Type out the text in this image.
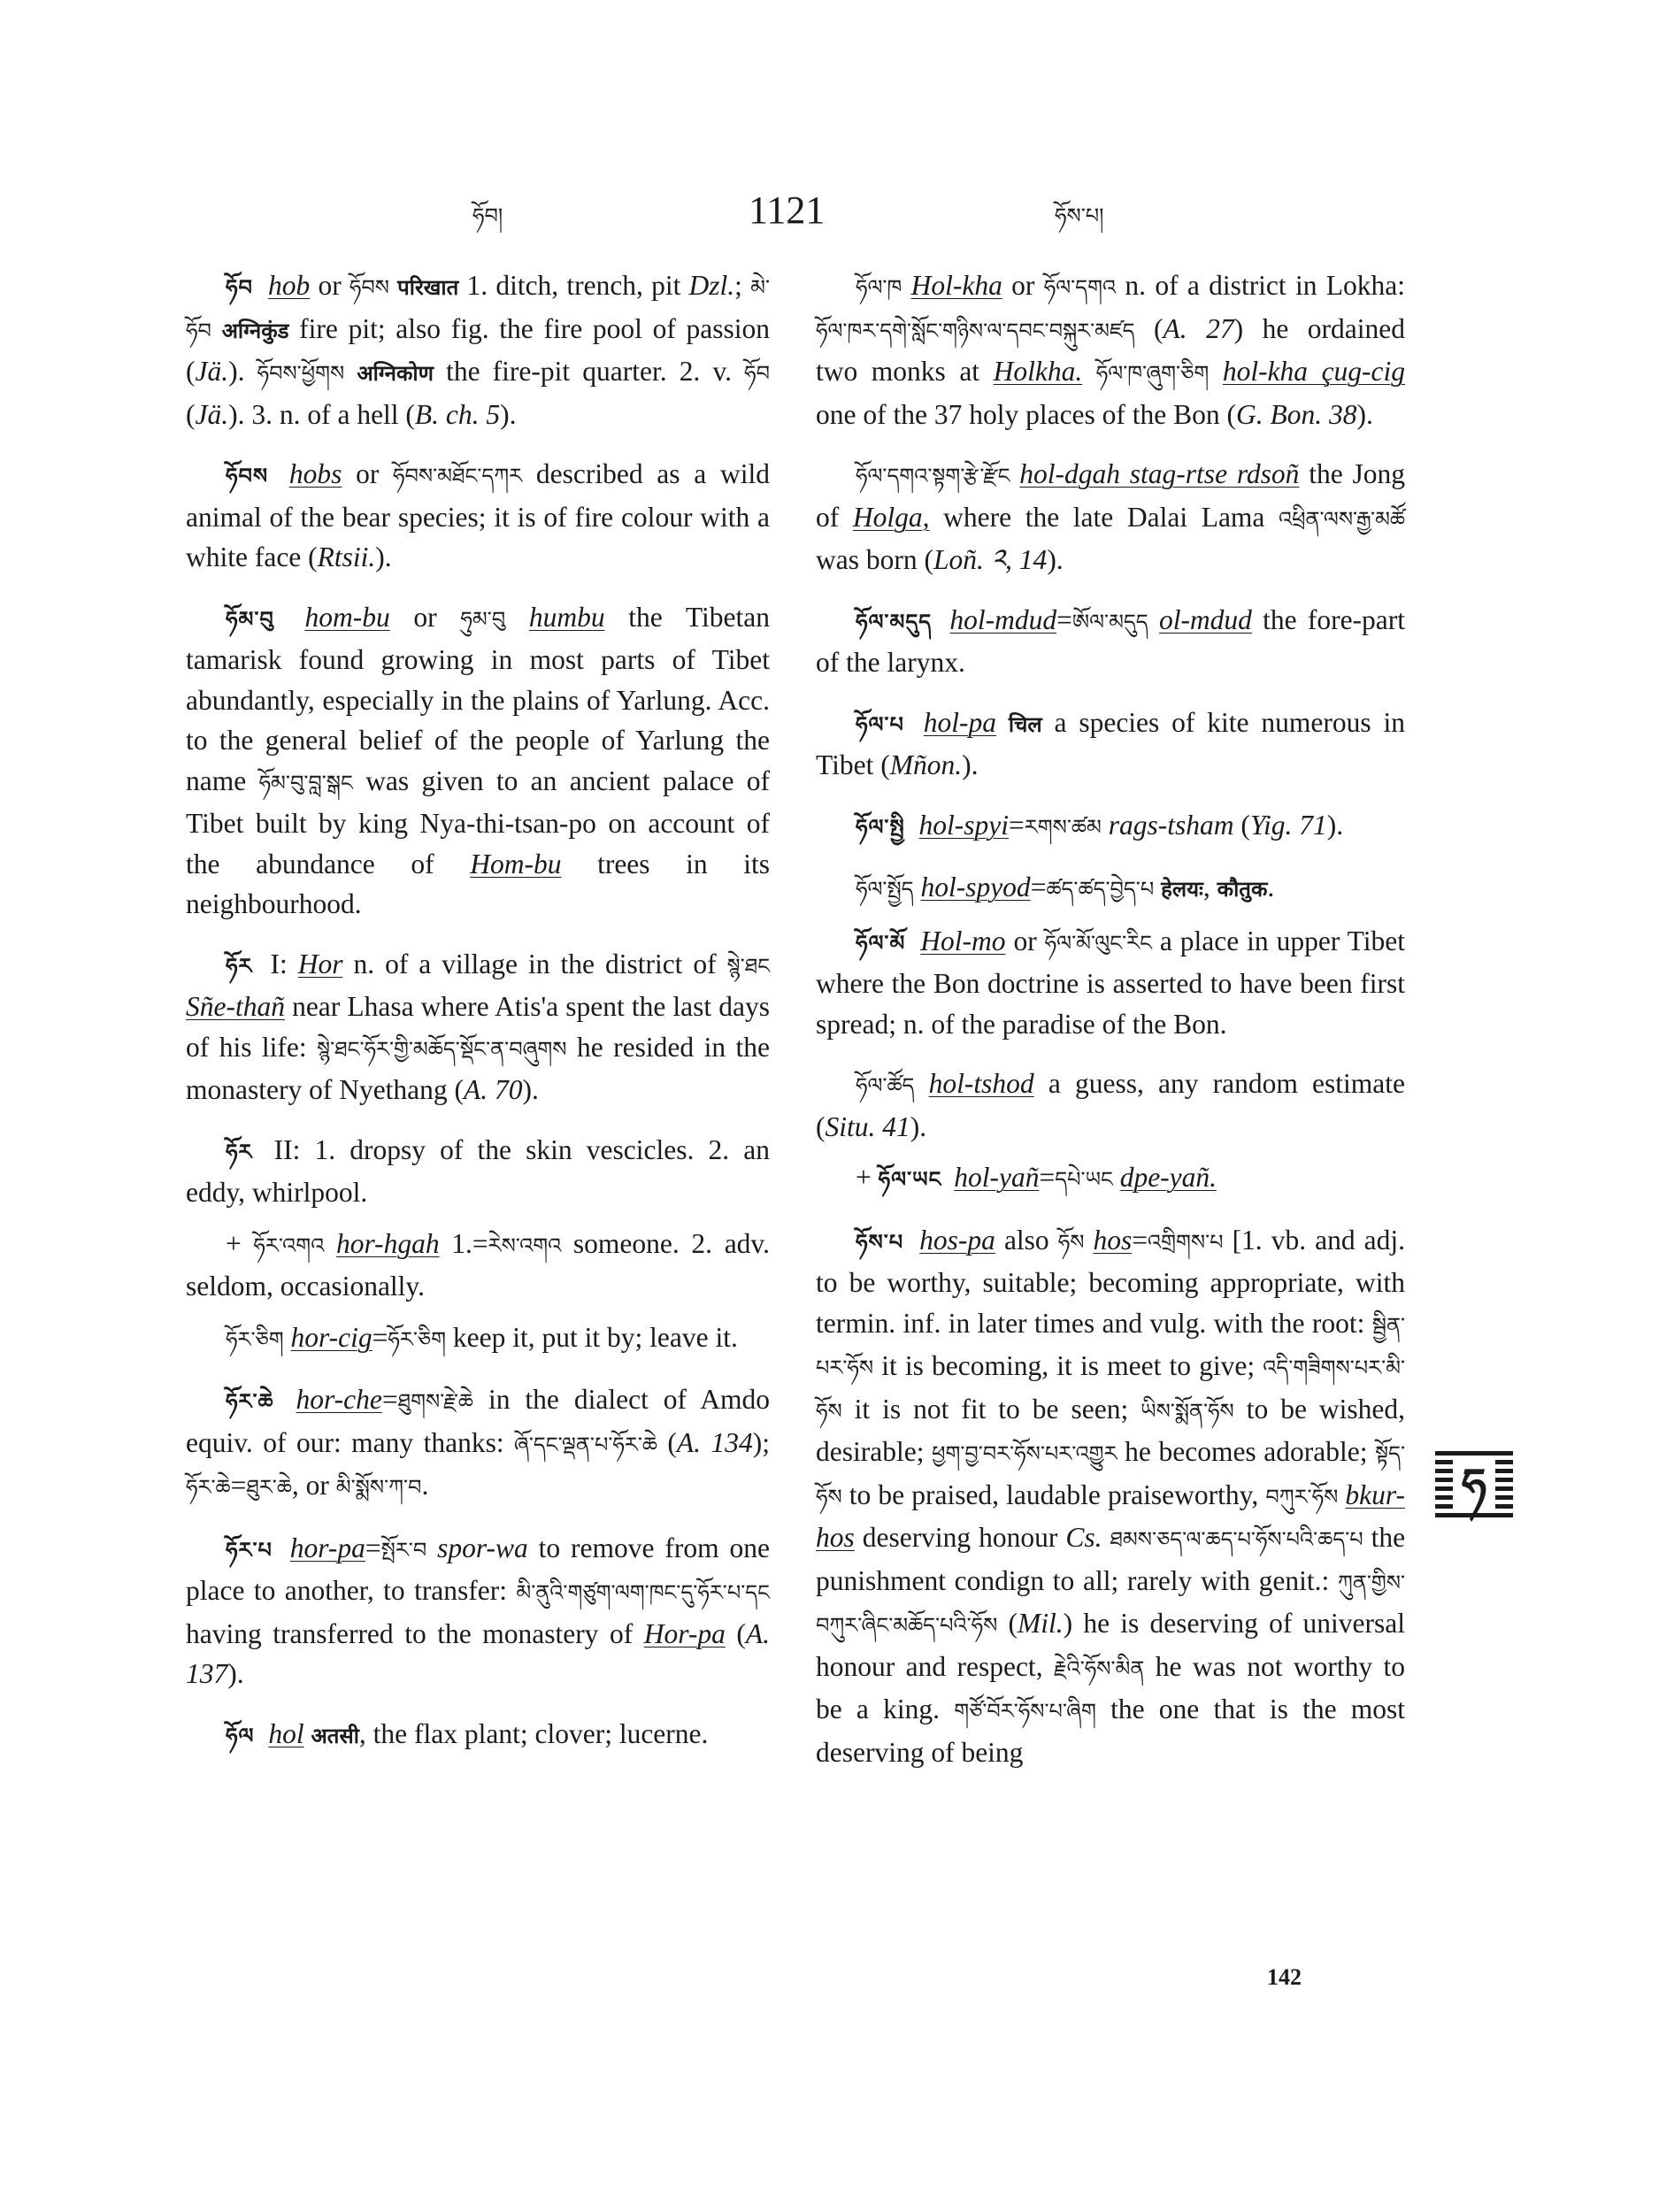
ཧོབ།	1121	ཧོས་པ།

ཧོབ hob or ཧོབས परिखात 1. ditch, trench, pit Dzl.; མེ་ཧོབ अग्निकुंड fire pit; also fig. the fire pool of passion (Jä.). ཧོབས་ཕྱོགས अग्निकोण the fire-pit quarter. 2. v. ཧོབ (Jä.). 3. n. of a hell (B. ch. 5).

ཧོབས hobs or ཧོབས་མཐོང་དཀར described as a wild animal of the bear species; it is of fire colour with a white face (Rtsii.).

ཧོམ་བུ hom-bu or ཧུམ་བུ humbu the Tibetan tamarisk found growing in most parts of Tibet abundantly, especially in the plains of Yarlung. Acc. to the general belief of the people of Yarlung the name ཧོམ་བུ་བླ་སྒང was given to an ancient palace of Tibet built by king Nya-thi-tsan-po on account of the abundance of Hom-bu trees in its neighbourhood.

ཧོར I: Hor n. of a village in the district of སྙེ་ཐང Sñe-thañ near Lhasa where Atis'a spent the last days of his life: སྙེ་ཐང་ཧོར་གྱི་མཆོད་སྡོང་ན་བཞུགས he resided in the monastery of Nyethang (A. 70).

ཧོར II: 1. dropsy of the skin vescicles. 2. an eddy, whirlpool.

+ ཧོར་འགའ hor-hgah 1.=རེས་འགའ someone. 2. adv. seldom, occasionally.

ཧོར་ཅིག hor-cig=ཧོར་ཅིག keep it, put it by; leave it.

ཧོར་ཆེ hor-che=ཐུགས་རྗེ་ཆེ in the dialect of Amdo equiv. of our: many thanks: ཞོ་དང་ལྡན་པ་ཧོར་ཆེ (A. 134); ཧོར་ཆེ=ཐུར་ཆེ, or མི་སྨོས་ཀ་བ.

ཧོར་པ hor-pa=སྤོར་བ spor-wa to remove from one place to another, to transfer: མི་ནུའི་གཙུག་ལག་ཁང་དུ་ཧོར་པ་དང having transferred to the monastery of Hor-pa (A. 137).

ཧོལ hol अतसी, the flax plant; clover; lucerne.

ཧོལ་ཁ Hol-kha or ཧོལ་དགའ n. of a district in Lokha: ཧོལ་ཁར་དགེ་སློང་གཉིས་ལ་དབང་བསྐུར་མཛད (A. 27) he ordained two monks at Holkha. ཧོལ་ཁ་ཞུག་ཅིག hol-kha çug-cig one of the 37 holy places of the Bon (G. Bon. 38).

ཧོལ་དགའ་སྟག་རྩེ་རྫོང hol-dgah stag-rtse rdsoñ the Jong of Holga, where the late Dalai Lama འཕྲིན་ལས་རྒྱ་མཚོ was born (Loñ. ༢, 14).

ཧོལ་མདུད hol-mdud=ཨོལ་མདུད ol-mdud the fore-part of the larynx.

ཧོལ་པ hol-pa चिल a species of kite numerous in Tibet (Mñon.).

ཧོལ་སྤྱི hol-spyi=རགས་ཚམ rags-tsham (Yig. 71).

ཧོལ་སྤྱོད hol-spyod=ཚད་ཚད་བྱེད་པ हेलयः, कौतुक.

ཧོལ་མོ Hol-mo or ཧོལ་མོ་ལུང་རིང a place in upper Tibet where the Bon doctrine is asserted to have been first spread; n. of the paradise of the Bon.

ཧོལ་ཚོད hol-tshod a guess, any random estimate (Situ. 41).

+ ཧོལ་ཡང hol-yañ=དཔེ་ཡང dpe-yañ.

ཧོས་པ hos-pa also ཧོས hos=འགྲིགས་པ [1. vb. and adj. to be worthy, suitable; becoming appropriate, with termin. inf. in later times and vulg. with the root: སྦྱིན་པར་ཧོས it is becoming, it is meet to give; འདི་གཟིགས་པར་མི་ཧོས it is not fit to be seen; ཡིས་སྨོན་ཧོས to be wished, desirable; ཕྱག་བྱ་བར་ཧོས་པར་འགྱུར he becomes adorable; སྟོད་ཧོས to be praised, laudable praiseworthy, བཀུར་ཧོས bkur-hos deserving honour Cs. ཐམས་ཅད་ལ་ཆད་པ་ཧོས་པའི་ཆད་པ the punishment condign to all; rarely with genit.: ཀུན་གྱིས་བཀུར་ཞིང་མཆོད་པའི་ཧོས (Mil.) he is deserving of universal honour and respect, རྗེའི་ཧོས་མིན he was not worthy to be a king. གཙོ་བོར་ཧོས་པ་ཞིག the one that is the most deserving of being

142
ཧ
